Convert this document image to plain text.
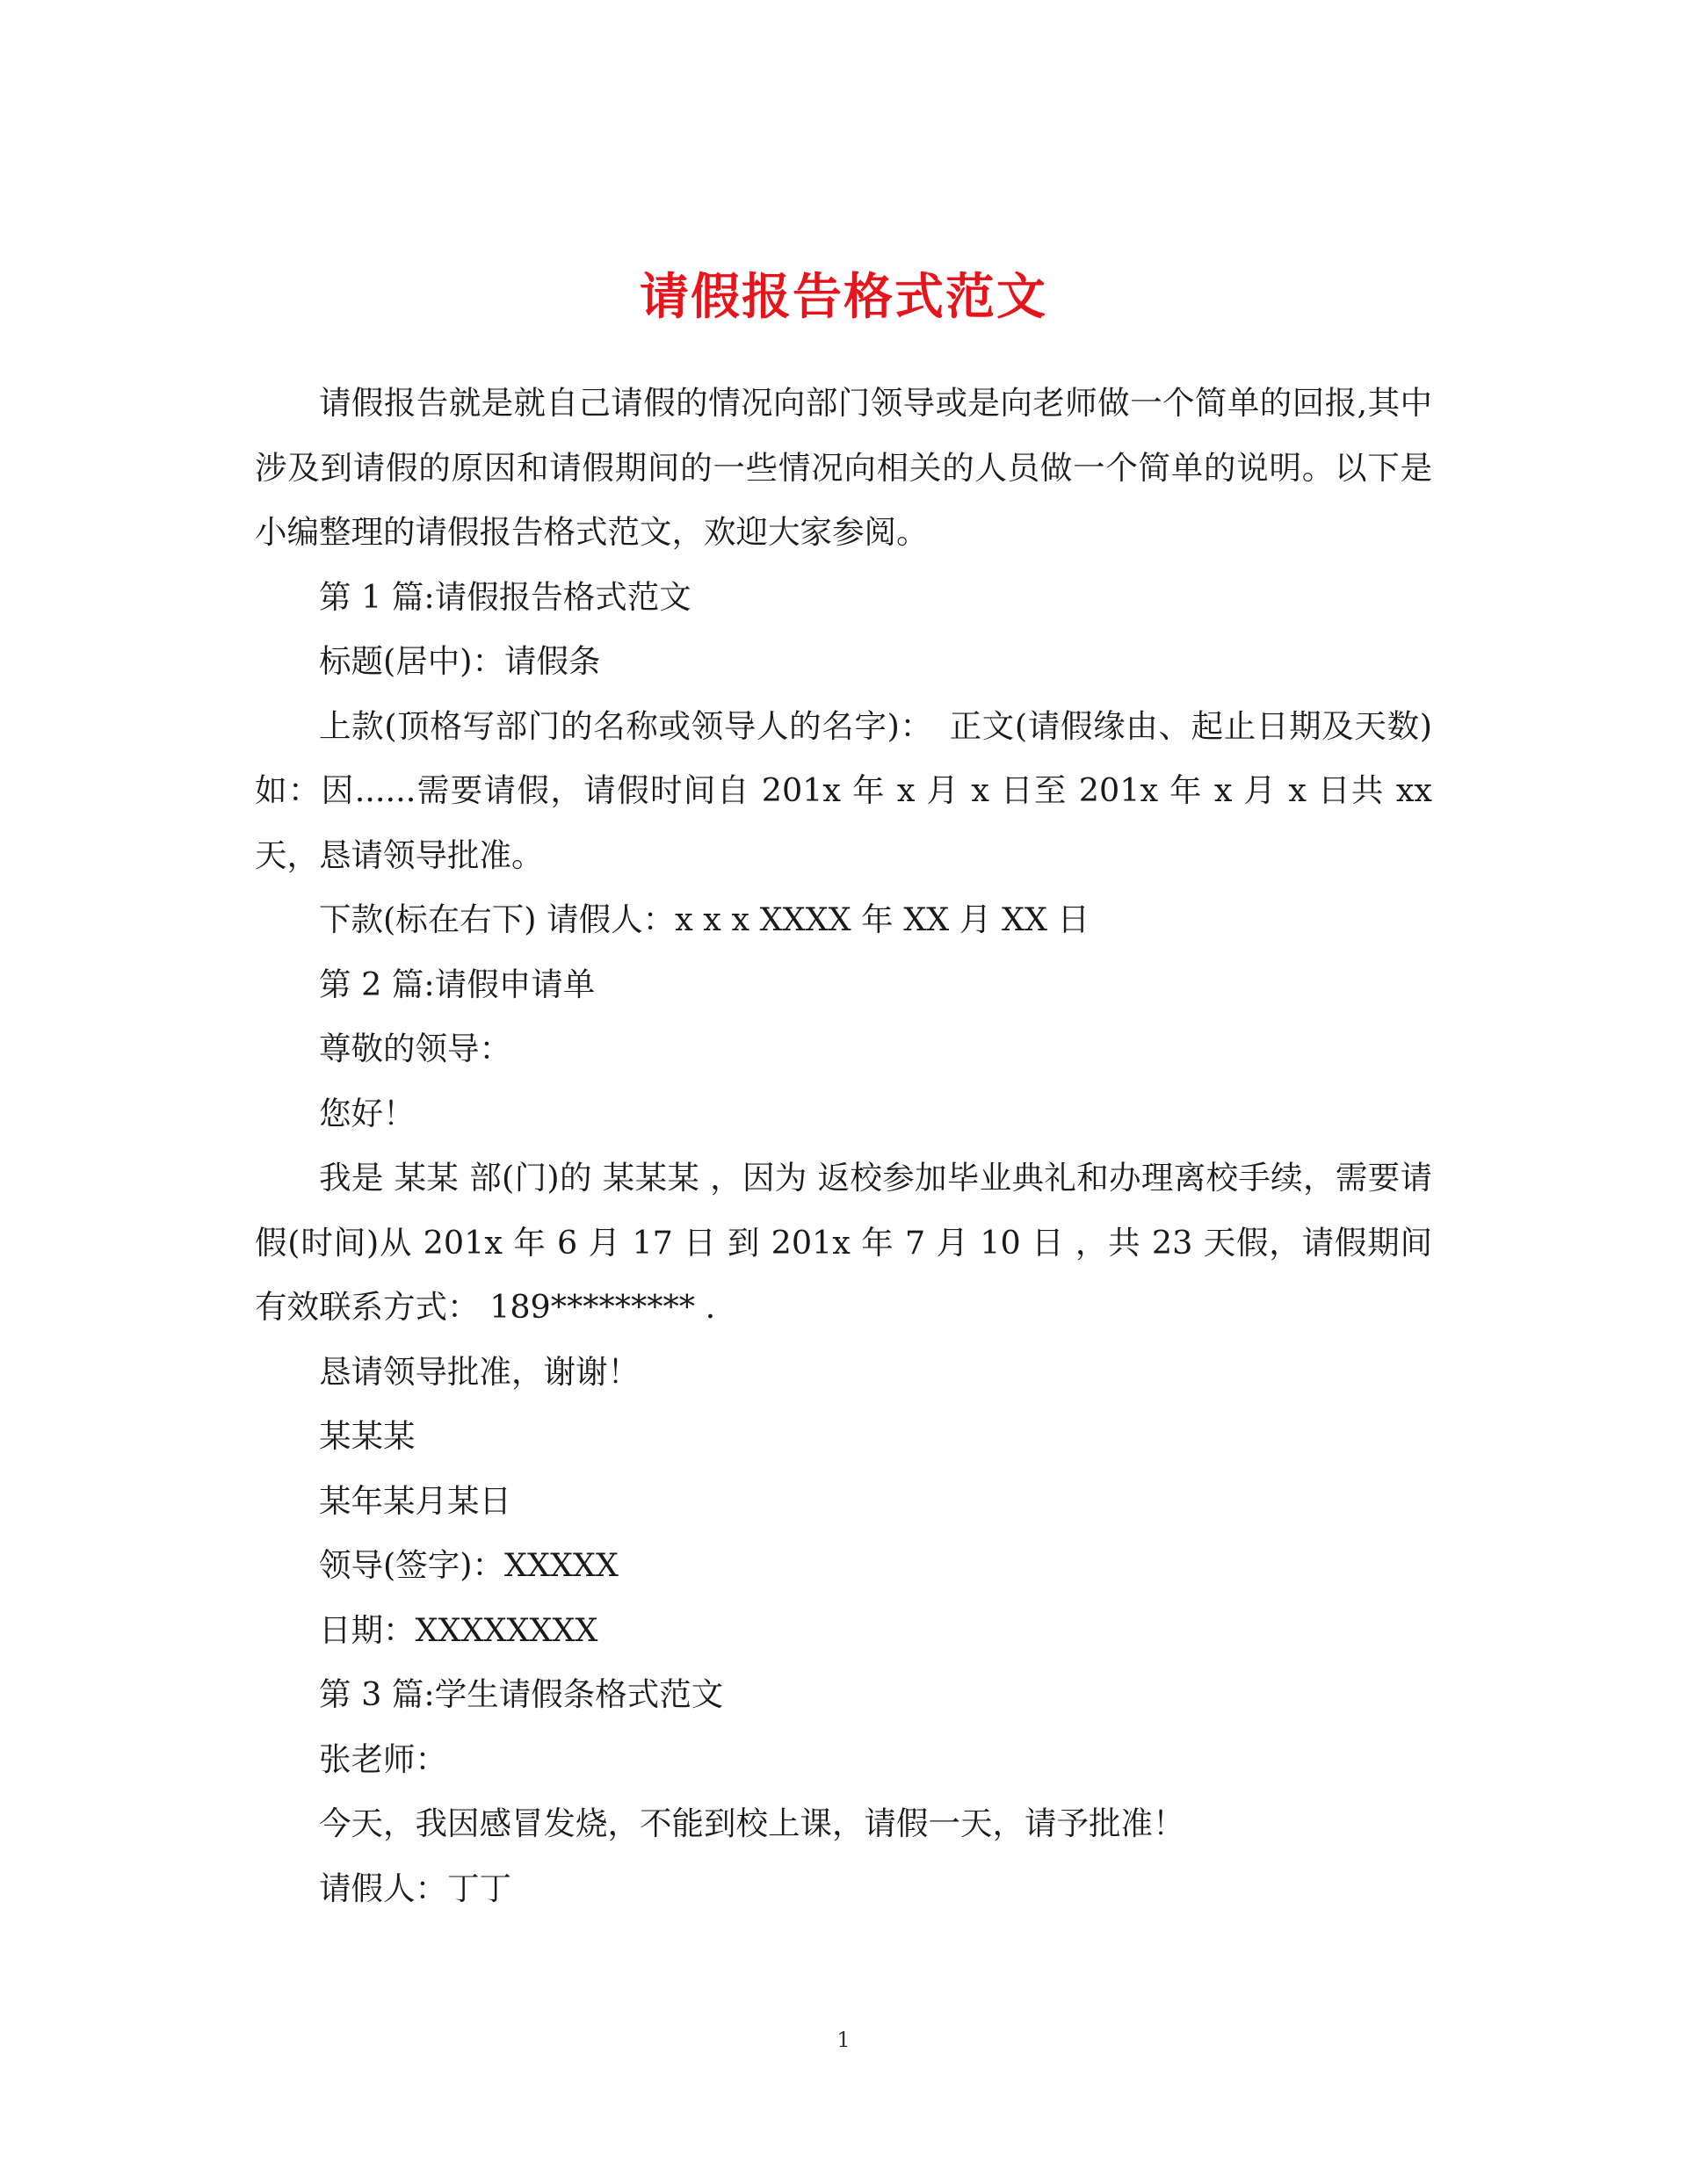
请假报告格式范文

请假报告就是就自己请假的情况向部门领导或是向老师做一个简单的回报,其中涉及到请假的原因和请假期间的一些情况向相关的人员做一个简单的说明。以下是小编整理的请假报告格式范文，欢迎大家参阅。

第 1 篇:请假报告格式范文

标题(居中)：请假条

上款(顶格写部门的名称或领导人的名字)：　正文(请假缘由、起止日期及天数)如：因......需要请假，请假时间自 201x 年 x 月 x 日至 201x 年 x 月 x 日共 xx 天，恳请领导批准。

下款(标在右下) 请假人：x x x XXXX 年 XX 月 XX 日

第 2 篇:请假申请单

尊敬的领导：

您好！

我是 某某 部(门)的 某某某 ，因为 返校参加毕业典礼和办理离校手续，需要请假(时间)从 201x 年 6 月 17 日 到 201x 年 7 月 10 日 ，共 23 天假，请假期间有效联系方式： 189********* .

恳请领导批准，谢谢！

某某某

某年某月某日

领导(签字)：XXXXX

日期：XXXXXXXX

第 3 篇:学生请假条格式范文

张老师：

今天，我因感冒发烧，不能到校上课，请假一天，请予批准！

请假人：丁丁

1
